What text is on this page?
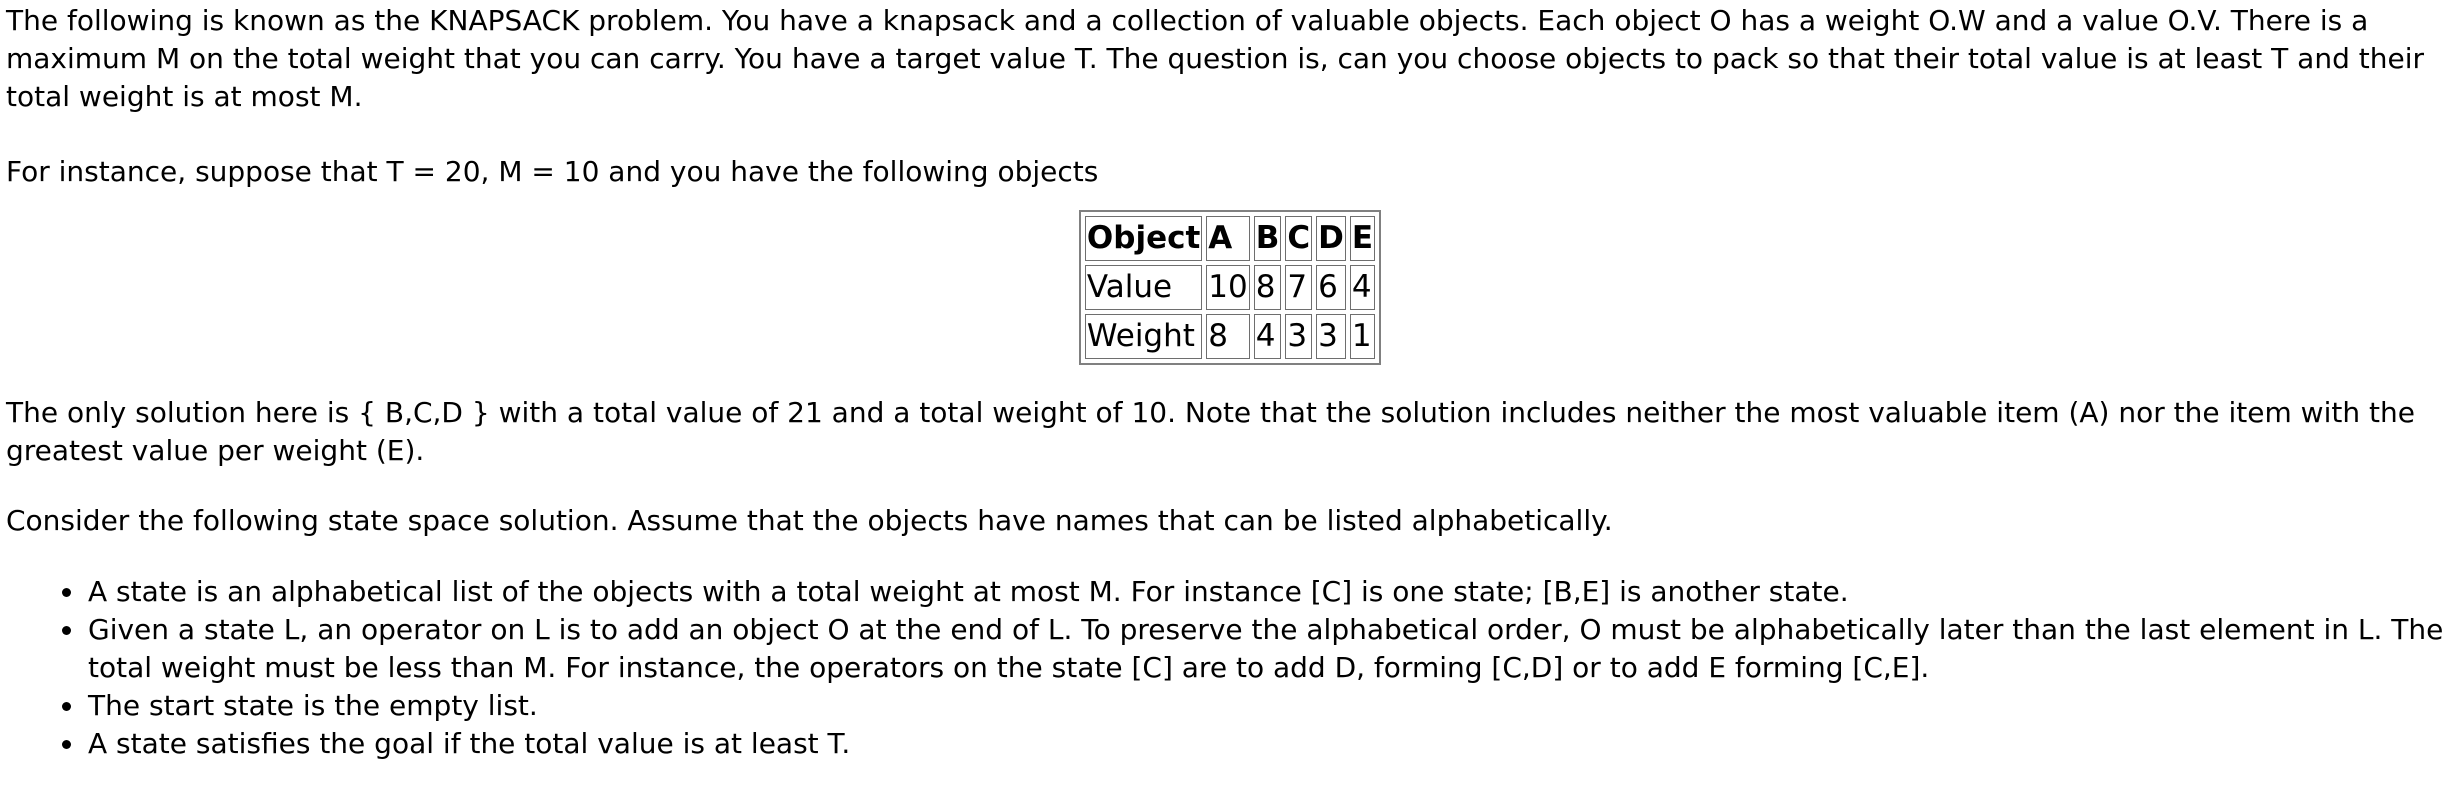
The following is known as the KNAPSACK problem. You have a knapsack and a collection of valuable objects. Each object O has a weight O.W and a value O.V. There is a maximum M on the total weight that you can carry. You have a target value T. The question is, can you choose objects to pack so that their total value is at least T and their total weight is at most M.

For instance, suppose that T = 20, M = 10 and you have the following objects

Object	A	B	C	D	E
Value	10	8	7	6	4
Weight	8	4	3	3	1

The only solution here is { B,C,D } with a total value of 21 and a total weight of 10. Note that the solution includes neither the most valuable item (A) nor the item with the greatest value per weight (E).

Consider the following state space solution. Assume that the objects have names that can be listed alphabetically.

• A state is an alphabetical list of the objects with a total weight at most M. For instance [C] is one state; [B,E] is another state.
• Given a state L, an operator on L is to add an object O at the end of L. To preserve the alphabetical order, O must be alphabetically later than the last element in L. The total weight must be less than M. For instance, the operators on the state [C] are to add D, forming [C,D] or to add E forming [C,E].
• The start state is the empty list.
• A state satisfies the goal if the total value is at least T.
